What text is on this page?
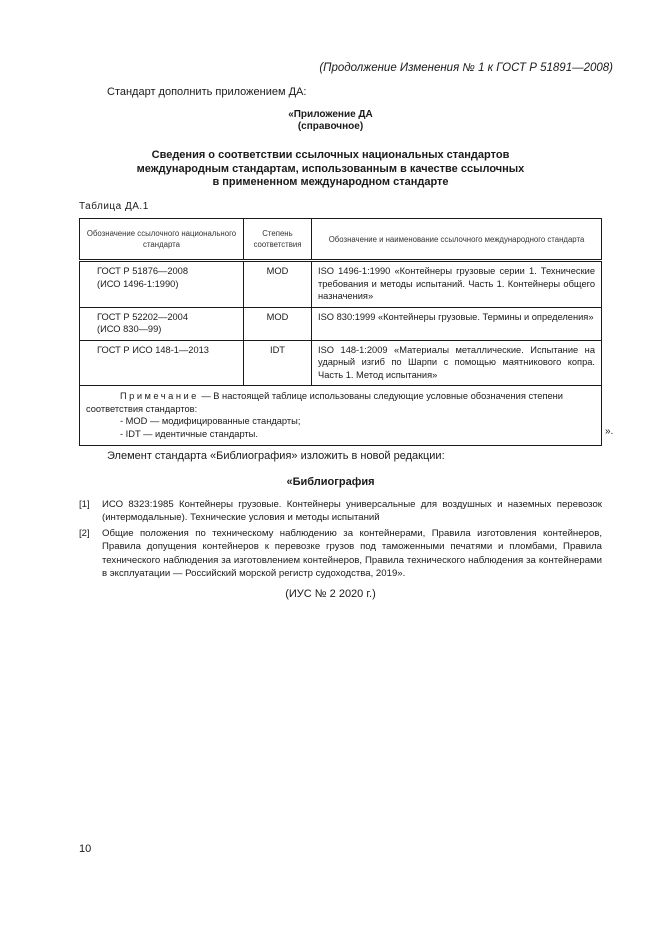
(Продолжение Изменения № 1 к ГОСТ Р 51891—2008)
Стандарт дополнить приложением ДА:
«Приложение ДА
(справочное)
Сведения о соответствии ссылочных национальных стандартов
международным стандартам, использованным в качестве ссылочных
в примененном международном стандарте
Таблица ДА.1
Обозначение ссылочного национального стандарта	Степень соответствия	Обозначение и наименование ссылочного международного стандарта

ГОСТ Р 51876—2008
(ИСО 1496-1:1990)	MOD	ISO 1496-1:1990 «Контейнеры грузовые серии 1. Технические требования и методы испытаний. Часть 1. Контейнеры общего назначения»

ГОСТ Р 52202—2004
(ИСО 830—99)	MOD	ISO 830:1999 «Контейнеры грузовые. Термины и определения»

ГОСТ Р ИСО 148-1—2013	IDT	ISO 148-1:2009 «Материалы металлические. Испытание на ударный изгиб по Шарпи с помощью маятникового копра. Часть 1. Метод испытания»

Примечание — В настоящей таблице использованы следующие условные обозначения степени соответствия стандартов:
- MOD — модифицированные стандарты;
- IDT — идентичные стандарты.			».
Элемент стандарта «Библиография» изложить в новой редакции:
«Библиография
[1] ИСО 8323:1985 Контейнеры грузовые. Контейнеры универсальные для воздушных и наземных перевозок (интермодальные). Технические условия и методы испытаний
[2] Общие положения по техническому наблюдению за контейнерами, Правила изготовления контейнеров, Правила допущения контейнеров к перевозке грузов под таможенными печатями и пломбами, Правила технического наблюдения за изготовлением контейнеров, Правила технического наблюдения за контейнерами в эксплуатации — Российский морской регистр судоходства, 2019».
(ИУС № 2 2020 г.)
10
